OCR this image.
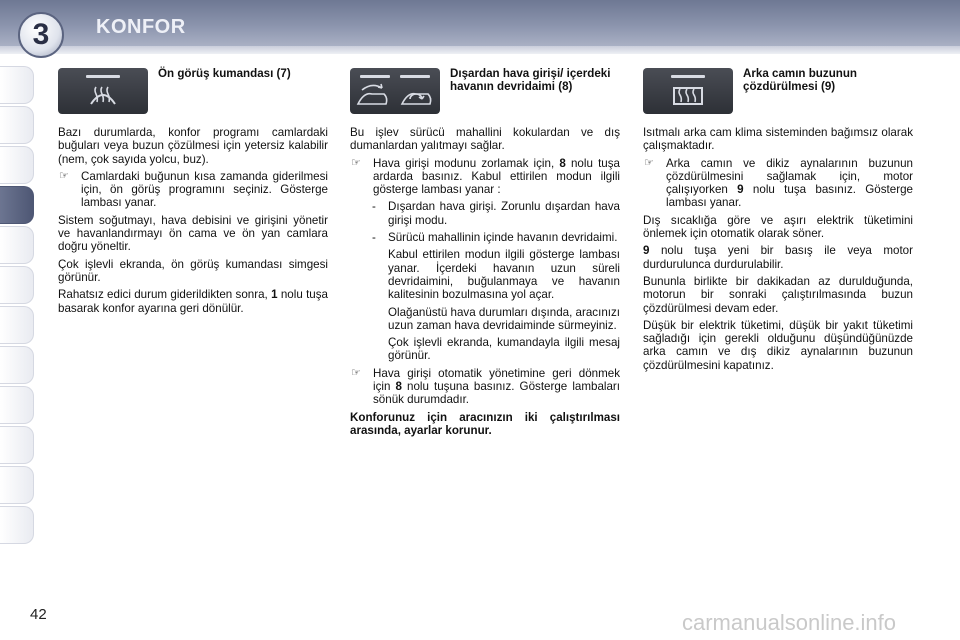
3	KONFOR
Ön görüş kumandası (7)

Bazı durumlarda, konfor programı camlardaki buğuları veya buzun çözülmesi için yetersiz kalabilir (nem, çok sayıda yolcu, buz).

☞ Camlardaki buğunun kısa zamanda giderilmesi için, ön görüş programını seçiniz. Gösterge lambası yanar.

Sistem soğutmayı, hava debisini ve girişini yönetir ve havanlandırmayı ön cama ve ön yan camlara doğru yöneltir.

Çok işlevli ekranda, ön görüş kumandası simgesi görünür.

Rahatsız edici durum giderildikten sonra, 1 nolu tuşa basarak konfor ayarına geri dönülür.

Dışardan hava girişi/ içerdeki havanın devridaimi (8)

Bu işlev sürücü mahallini kokulardan ve dış dumanlardan yalıtmayı sağlar.

☞ Hava girişi modunu zorlamak için, 8 nolu tuşa ardarda basınız. Kabul ettirilen modun ilgili gösterge lambası yanar :
- Dışardan hava girişi. Zorunlu dışardan hava girişi modu.
- Sürücü mahallinin içinde havanın devridaimi.
Kabul ettirilen modun ilgili gösterge lambası yanar. İçerdeki havanın uzun süreli devridaimini, buğulanmaya ve havanın kalitesinin bozulmasına yol açar.
Olağanüstü hava durumları dışında, aracınızı uzun zaman hava devridaiminde sürmeyiniz.
Çok işlevli ekranda, kumandayla ilgili mesaj görünür.
☞ Hava girişi otomatik yönetimine geri dönmek için 8 nolu tuşuna basınız. Gösterge lambaları sönük durumdadır.

Konforunuz için aracınızın iki çalıştırılması arasında, ayarlar korunur.

Arka camın buzunun çözdürülmesi (9)

Isıtmalı arka cam klima sisteminden bağımsız olarak çalışmaktadır.

☞ Arka camın ve dikiz aynalarının buzunun çözdürülmesini sağlamak için, motor çalışıyorken 9 nolu tuşa basınız. Gösterge lambası yanar.

Dış sıcaklığa göre ve aşırı elektrik tüketimini önlemek için otomatik olarak söner.

9 nolu tuşa yeni bir basış ile veya motor durdurulunca durdurulabilir.

Bununla birlikte bir dakikadan az durulduğunda, motorun bir sonraki çalıştırılmasında buzun çözdürülmesi devam eder.

Düşük bir elektrik tüketimi, düşük bir yakıt tüketimi sağladığı için gerekli olduğunu düşündüğünüzde arka camın ve dış dikiz aynalarının buzunun çözdürülmesini kapatınız.

42	carmanualsonline.info
